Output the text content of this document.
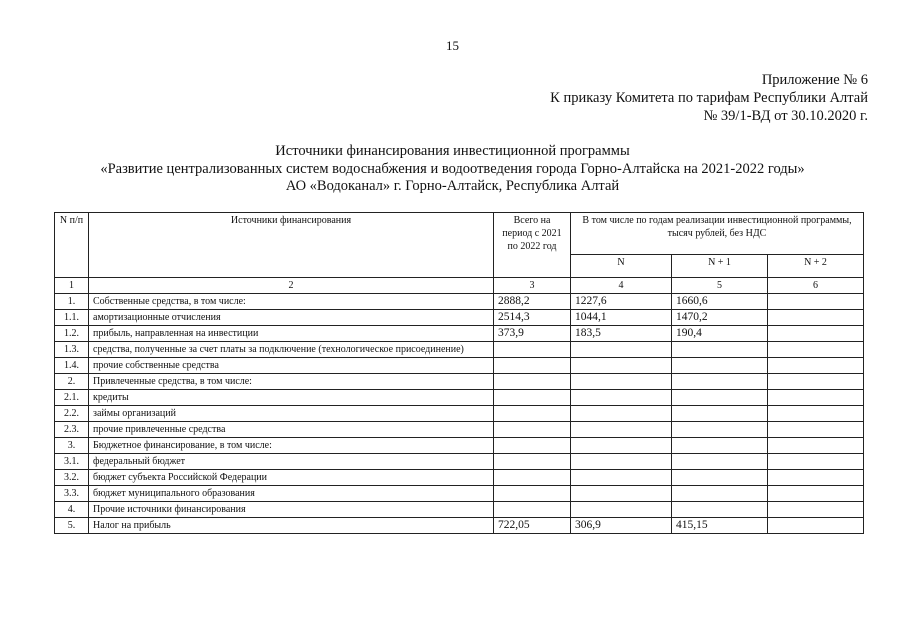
15
Приложение № 6
К приказу Комитета по тарифам Республики Алтай
№ 39/1-ВД от 30.10.2020 г.
Источники финансирования инвестиционной программы
«Развитие централизованных систем водоснабжения и водоотведения города Горно-Алтайска на 2021-2022 годы»
АО «Водоканал» г. Горно-Алтайск, Республика Алтай
N п/п	Источники финансирования	Всего на период с 2021 по 2022 год	В том числе по годам реализации инвестиционной программы, тысяч рублей, без НДС		
			N	N + 1	N + 2
1	2	3	4	5	6
1.	Собственные средства, в том числе:	2888,2	1227,6	1660,6	
1.1.	амортизационные отчисления	2514,3	1044,1	1470,2	
1.2.	прибыль, направленная на инвестиции	373,9	183,5	190,4	
1.3.	средства, полученные за счет платы за подключение (технологическое присоединение)				
1.4.	прочие собственные средства				
2.	Привлеченные средства, в том числе:				
2.1.	кредиты				
2.2.	займы организаций				
2.3.	прочие привлеченные средства				
3.	Бюджетное финансирование, в том числе:				
3.1.	федеральный бюджет				
3.2.	бюджет субъекта Российской Федерации				
3.3.	бюджет муниципального образования				
4.	Прочие источники финансирования				
5.	Налог на прибыль	722,05	306,9	415,15	
